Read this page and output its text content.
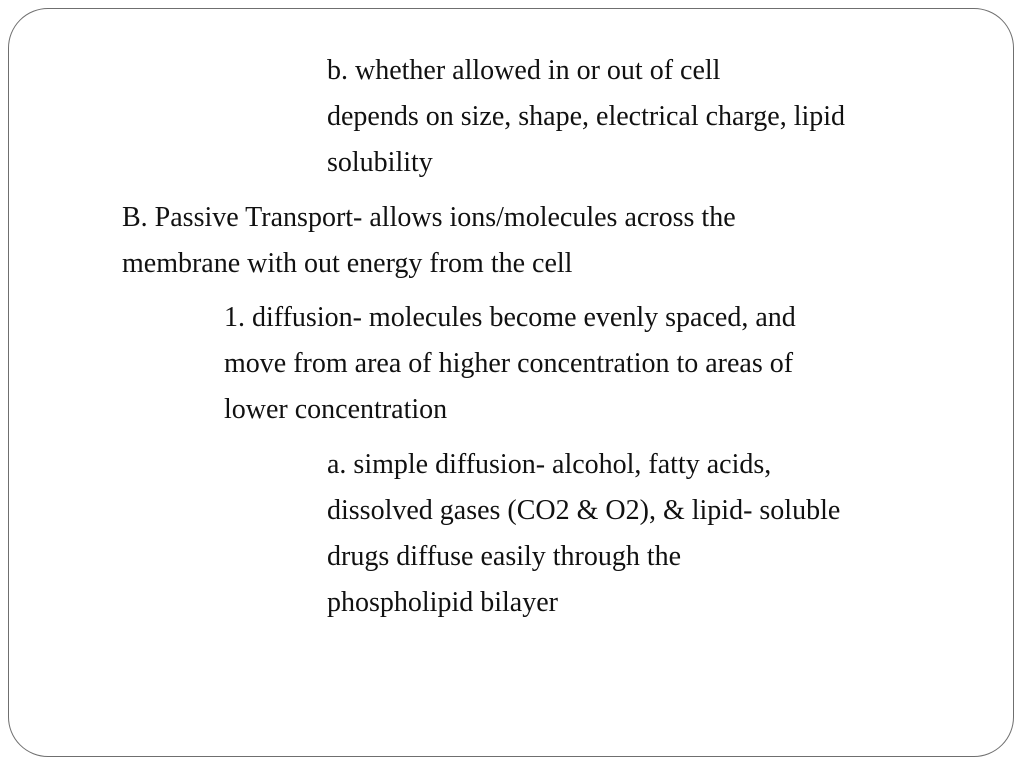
b. whether allowed in or out of cell
depends on size, shape, electrical charge, lipid
solubility

B. Passive Transport- allows ions/molecules across the
membrane with out energy from the cell

1. diffusion- molecules become evenly spaced, and
move from area of higher concentration to areas of
lower concentration

a. simple diffusion- alcohol, fatty acids,
dissolved gases (CO2 & O2), & lipid- soluble
drugs diffuse easily through the
phospholipid bilayer
